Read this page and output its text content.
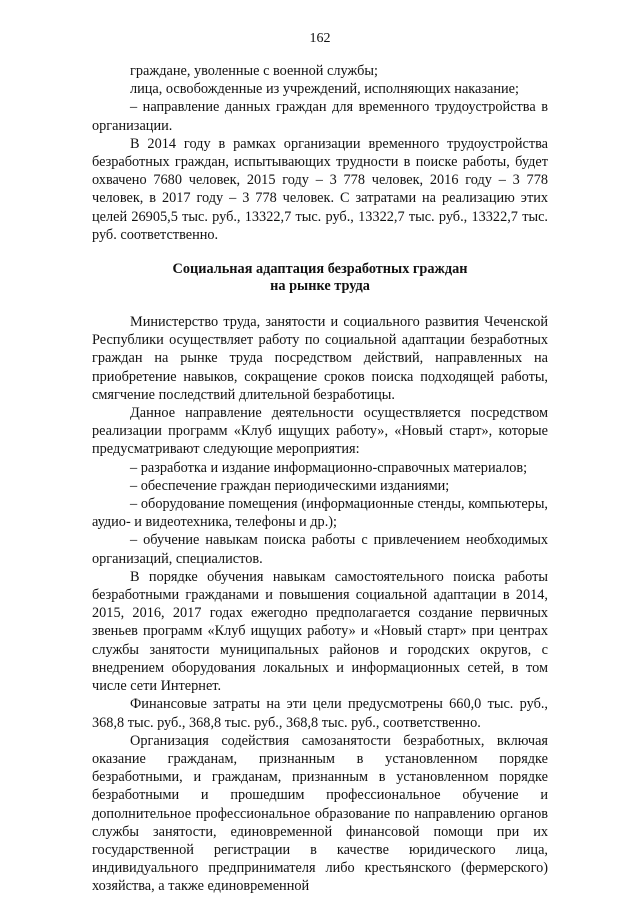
162

граждане, уволенные с военной службы;

лица, освобожденные из учреждений, исполняющих наказание;

– направление данных граждан для временного трудоустройства в организации.

В 2014 году в рамках организации временного трудоустройства безработных граждан, испытывающих трудности в поиске работы, будет охвачено 7680 человек, 2015 году – 3 778 человек, 2016 году – 3 778 человек, в 2017 году – 3 778 человек. С затратами на реализацию этих целей 26905,5 тыс. руб., 13322,7 тыс. руб., 13322,7 тыс. руб., 13322,7 тыс. руб. соответственно.

Социальная адаптация безработных граждан
на рынке труда

Министерство труда, занятости и социального развития Чеченской Республики осуществляет работу по социальной адаптации безработных граждан на рынке труда посредством действий, направленных на приобретение навыков, сокращение сроков поиска подходящей работы, смягчение последствий длительной безработицы.

Данное направление деятельности осуществляется посредством реализации программ «Клуб ищущих работу», «Новый старт», которые предусматривают следующие мероприятия:

– разработка и издание информационно-справочных материалов;

– обеспечение граждан периодическими изданиями;

– оборудование помещения (информационные стенды, компьютеры, аудио- и видеотехника, телефоны и др.);

– обучение навыкам поиска работы с привлечением необходимых организаций, специалистов.

В порядке обучения навыкам самостоятельного поиска работы безработными гражданами и повышения социальной адаптации в 2014, 2015, 2016, 2017 годах ежегодно предполагается создание первичных звеньев программ «Клуб ищущих работу» и «Новый старт» при центрах службы занятости муниципальных районов и городских округов, с внедрением оборудования локальных и информационных сетей, в том числе сети Интернет.

Финансовые затраты на эти цели предусмотрены 660,0 тыс. руб., 368,8 тыс. руб., 368,8 тыс. руб., 368,8 тыс. руб., соответственно.

Организация содействия самозанятости безработных, включая оказание гражданам, признанным в установленном порядке безработными, и гражданам, признанным в установленном порядке безработными и прошедшим профессиональное обучение и дополнительное профессиональное образование по направлению органов службы занятости, единовременной финансовой помощи при их государственной регистрации в качестве юридического лица, индивидуального предпринимателя либо крестьянского (фермерского) хозяйства, а также единовременной
